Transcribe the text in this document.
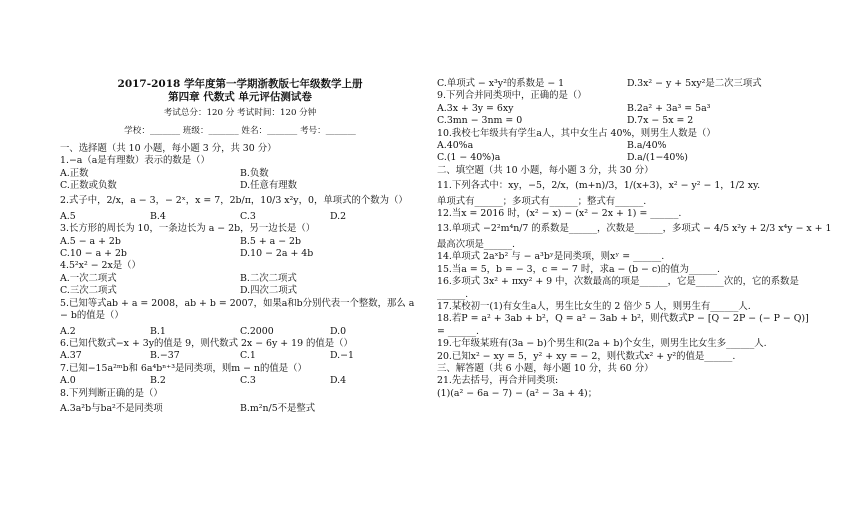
2017-2018 学年度第一学期浙教版七年级数学上册
第四章 代数式 单元评估测试卷
考试总分：120 分 考试时间：120 分钟
学校：_______ 班级：_______ 姓名：_______ 考号：_______
一、选择题（共 10 小题，每小题 3 分，共 30 分）
1.−a（a是有理数）表示的数是（）
A.正数	B.负数
C.正数或负数	D.任意有理数
2.式子中，2/x，a − 3，− 2ˣ，x = 7，2b/π，10/3 x²y，0，单项式的个数为（）
A.5	B.4	C.3	D.2
3.长方形的周长为 10，一条边长为 a − 2b，另一边长是（）
A.5 − a + 2b	B.5 + a − 2b
C.10 − a + 2b	D.10 − 2a + 4b
4.5²x² − 2x是（）
A.一次二项式	B.二次二项式
C.三次二项式	D.四次二项式
5.已知等式ab + a = 2008，ab + b = 2007，如果a和b分别代表一个整数，那么 a − b的值是（）
A.2	B.1	C.2000	D.0
6.已知代数式−x + 3y的值是 9，则代数式 2x − 6y + 19 的值是（）
A.37	B.−37	C.1	D.−1
7.已知−15a²ᵐb和 6a⁴bⁿ⁺³是同类项，则m − n的值是（）
A.0	B.2	C.3	D.4
8.下列判断正确的是（）
A.3a²b与ba²不是同类项	B.m²n/5不是整式
C.单项式 − x³y²的系数是 − 1	D.3x² − y + 5xy²是二次三项式
9.下列合并同类项中，正确的是（）
A.3x + 3y = 6xy	B.2a² + 3a³ = 5a³
C.3mn − 3nm = 0	D.7x − 5x = 2
10.我校七年级共有学生a人，其中女生占 40%，则男生人数是（）
A.40%a	B.a/40%
C.(1 − 40%)a	D.a/(1−40%)
二、填空题（共 10 小题，每小题 3 分，共 30 分）
11.下列各式中：xy，−5，2/x，(m+n)/3，1/(x+3)，x² − y² − 1，1/2 xy.
单项式有______；多项式有______；整式有______.
12.当x = 2016 时，(x² − x) − (x² − 2x + 1) = ______.
13.单项式 −2²m⁴n/7 的系数是______，次数是______，多项式 − 4/5 x²y + 2/3 x⁴y − x + 1
最高次项是______.
14.单项式 2aˣb² 与 − a³bʸ是同类项，则xʸ = ______.
15.当a = 5，b = − 3，c = − 7 时，求a − (b − c)的值为______.
16.多项式 3x² + πxy² + 9 中，次数最高的项是______，它是______次的，它的系数是______.
17.某校初一(1)有女生a人，男生比女生的 2 倍少 5 人，则男生有______人.
18.若P = a² + 3ab + b²，Q = a² − 3ab + b²，则代数式P − [Q − 2P − (− P − Q)] = ______.
19.七年级某班有(3a − b)个男生和(2a + b)个女生，则男生比女生多______人.
20.已知x² − xy = 5，y² + xy = − 2，则代数式x² + y²的值是______.
三、解答题（共 6 小题，每小题 10 分，共 60 分）
21.先去括号，再合并同类项:
(1)(a² − 6a − 7) − (a² − 3a + 4)；
